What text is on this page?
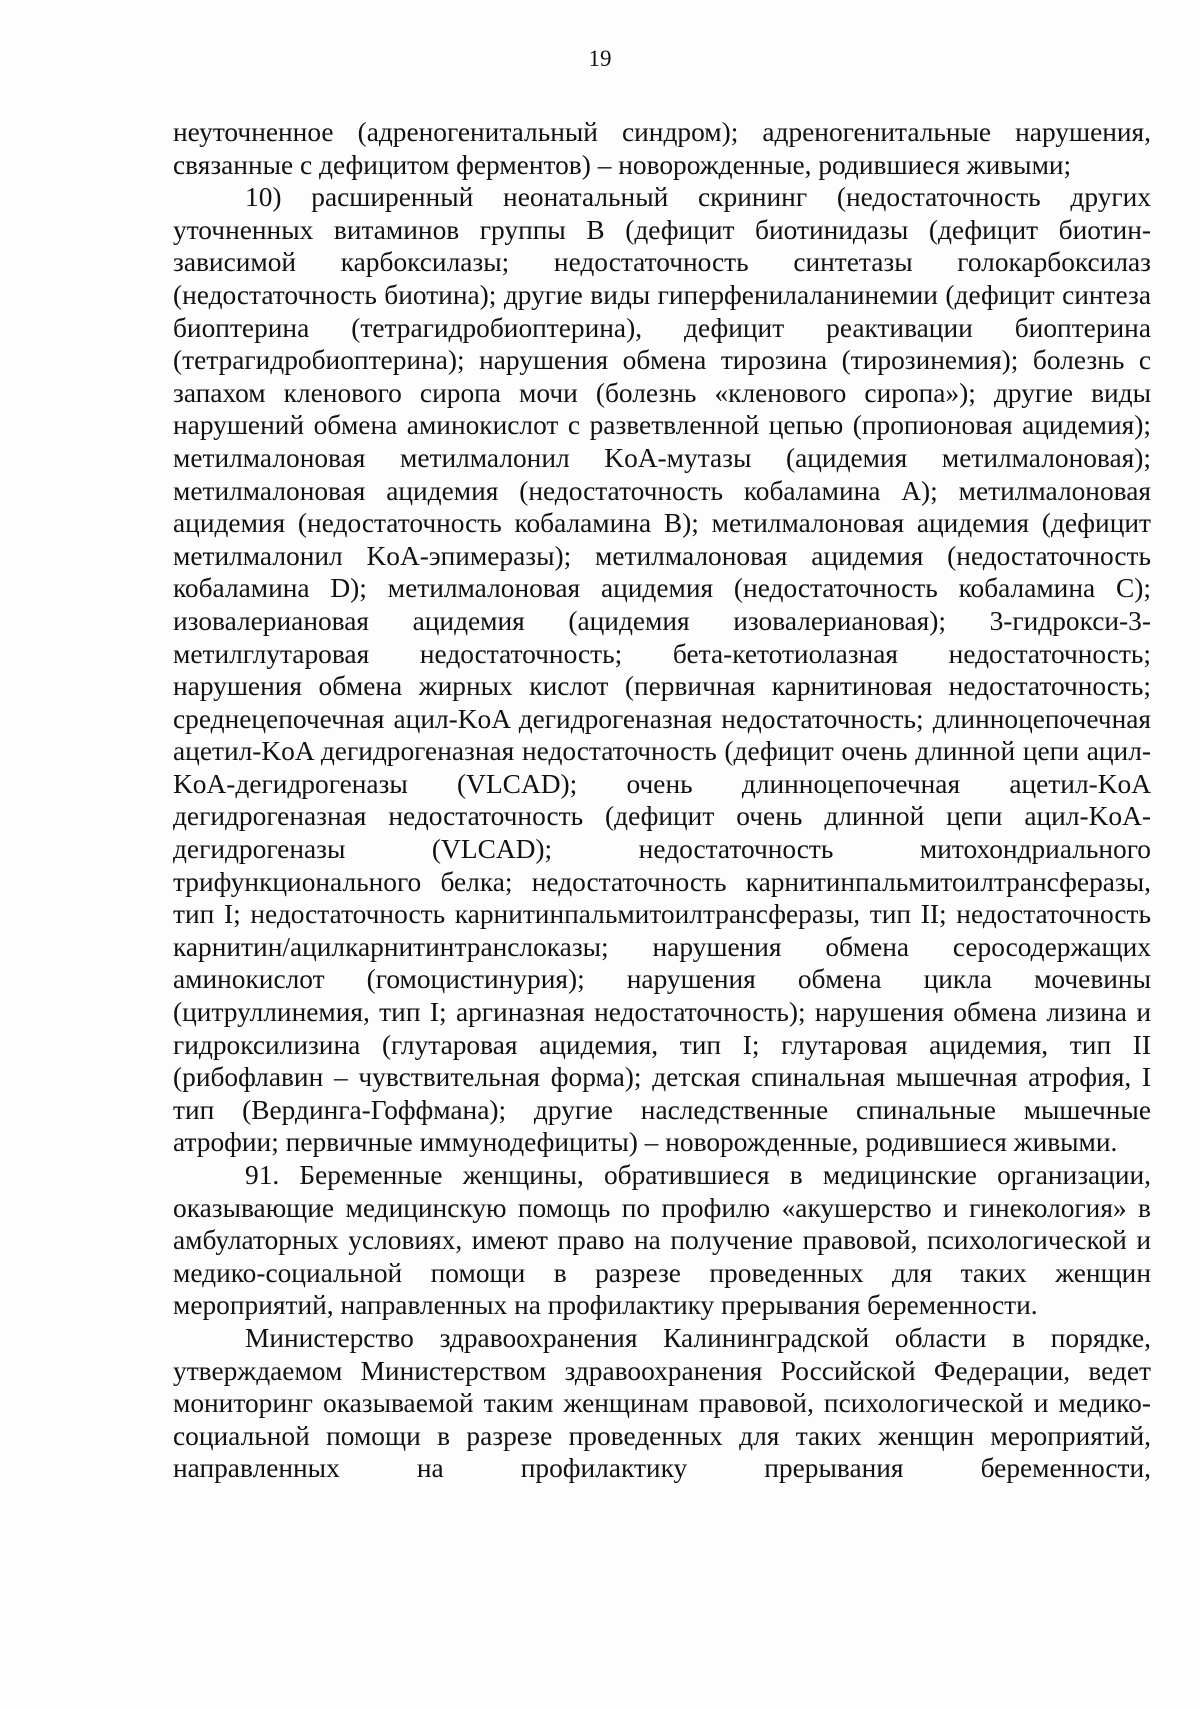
19

неуточненное (адреногенитальный синдром); адреногенитальные нарушения, связанные с дефицитом ферментов) – новорожденные, родившиеся живыми;

10) расширенный неонатальный скрининг (недостаточность других уточненных витаминов группы B (дефицит биотинидазы (дефицит биотин-зависимой карбоксилазы; недостаточность синтетазы голокарбоксилаз (недостаточность биотина); другие виды гиперфенилаланинемии (дефицит синтеза биоптерина (тетрагидробиоптерина), дефицит реактивации биоптерина (тетрагидробиоптерина); нарушения обмена тирозина (тирозинемия); болезнь с запахом кленового сиропа мочи (болезнь «кленового сиропа»); другие виды нарушений обмена аминокислот с разветвленной цепью (пропионовая ацидемия); метилмалоновая метилмалонил KoA-мутазы (ацидемия метилмалоновая); метилмалоновая ацидемия (недостаточность кобаламина A); метилмалоновая ацидемия (недостаточность кобаламина B); метилмалоновая ацидемия (дефицит метилмалонил KoA-эпимеразы); метилмалоновая ацидемия (недостаточность кобаламина D); метилмалоновая ацидемия (недостаточность кобаламина C); изовалериановая ацидемия (ацидемия изовалериановая); 3-гидрокси-3-метилглутаровая недостаточность; бета-кетотиолазная недостаточность; нарушения обмена жирных кислот (первичная карнитиновая недостаточность; среднецепочечная ацил-KoA дегидрогеназная недостаточность; длинноцепочечная ацетил-KoA дегидрогеназная недостаточность (дефицит очень длинной цепи ацил-KoA-дегидрогеназы (VLCAD); очень длинноцепочечная ацетил-KoA дегидрогеназная недостаточность (дефицит очень длинной цепи ацил-KoA-дегидрогеназы (VLCAD); недостаточность митохондриального трифункционального белка; недостаточность карнитинпальмитоилтрансферазы, тип I; недостаточность карнитинпальмитоилтрансферазы, тип II; недостаточность карнитин/ацилкарнитинтранслоказы; нарушения обмена серосодержащих аминокислот (гомоцистинурия); нарушения обмена цикла мочевины (цитруллинемия, тип I; аргиназная недостаточность); нарушения обмена лизина и гидроксилизина (глутаровая ацидемия, тип I; глутаровая ацидемия, тип II (рибофлавин – чувствительная форма); детская спинальная мышечная атрофия, I тип (Вердинга-Гоффмана); другие наследственные спинальные мышечные атрофии; первичные иммунодефициты) – новорожденные, родившиеся живыми.

91. Беременные женщины, обратившиеся в медицинские организации, оказывающие медицинскую помощь по профилю «акушерство и гинекология» в амбулаторных условиях, имеют право на получение правовой, психологической и медико-социальной помощи в разрезе проведенных для таких женщин мероприятий, направленных на профилактику прерывания беременности.

Министерство здравоохранения Калининградской области в порядке, утверждаемом Министерством здравоохранения Российской Федерации, ведет мониторинг оказываемой таким женщинам правовой, психологической и медико-социальной помощи в разрезе проведенных для таких женщин мероприятий, направленных на профилактику прерывания беременности,
